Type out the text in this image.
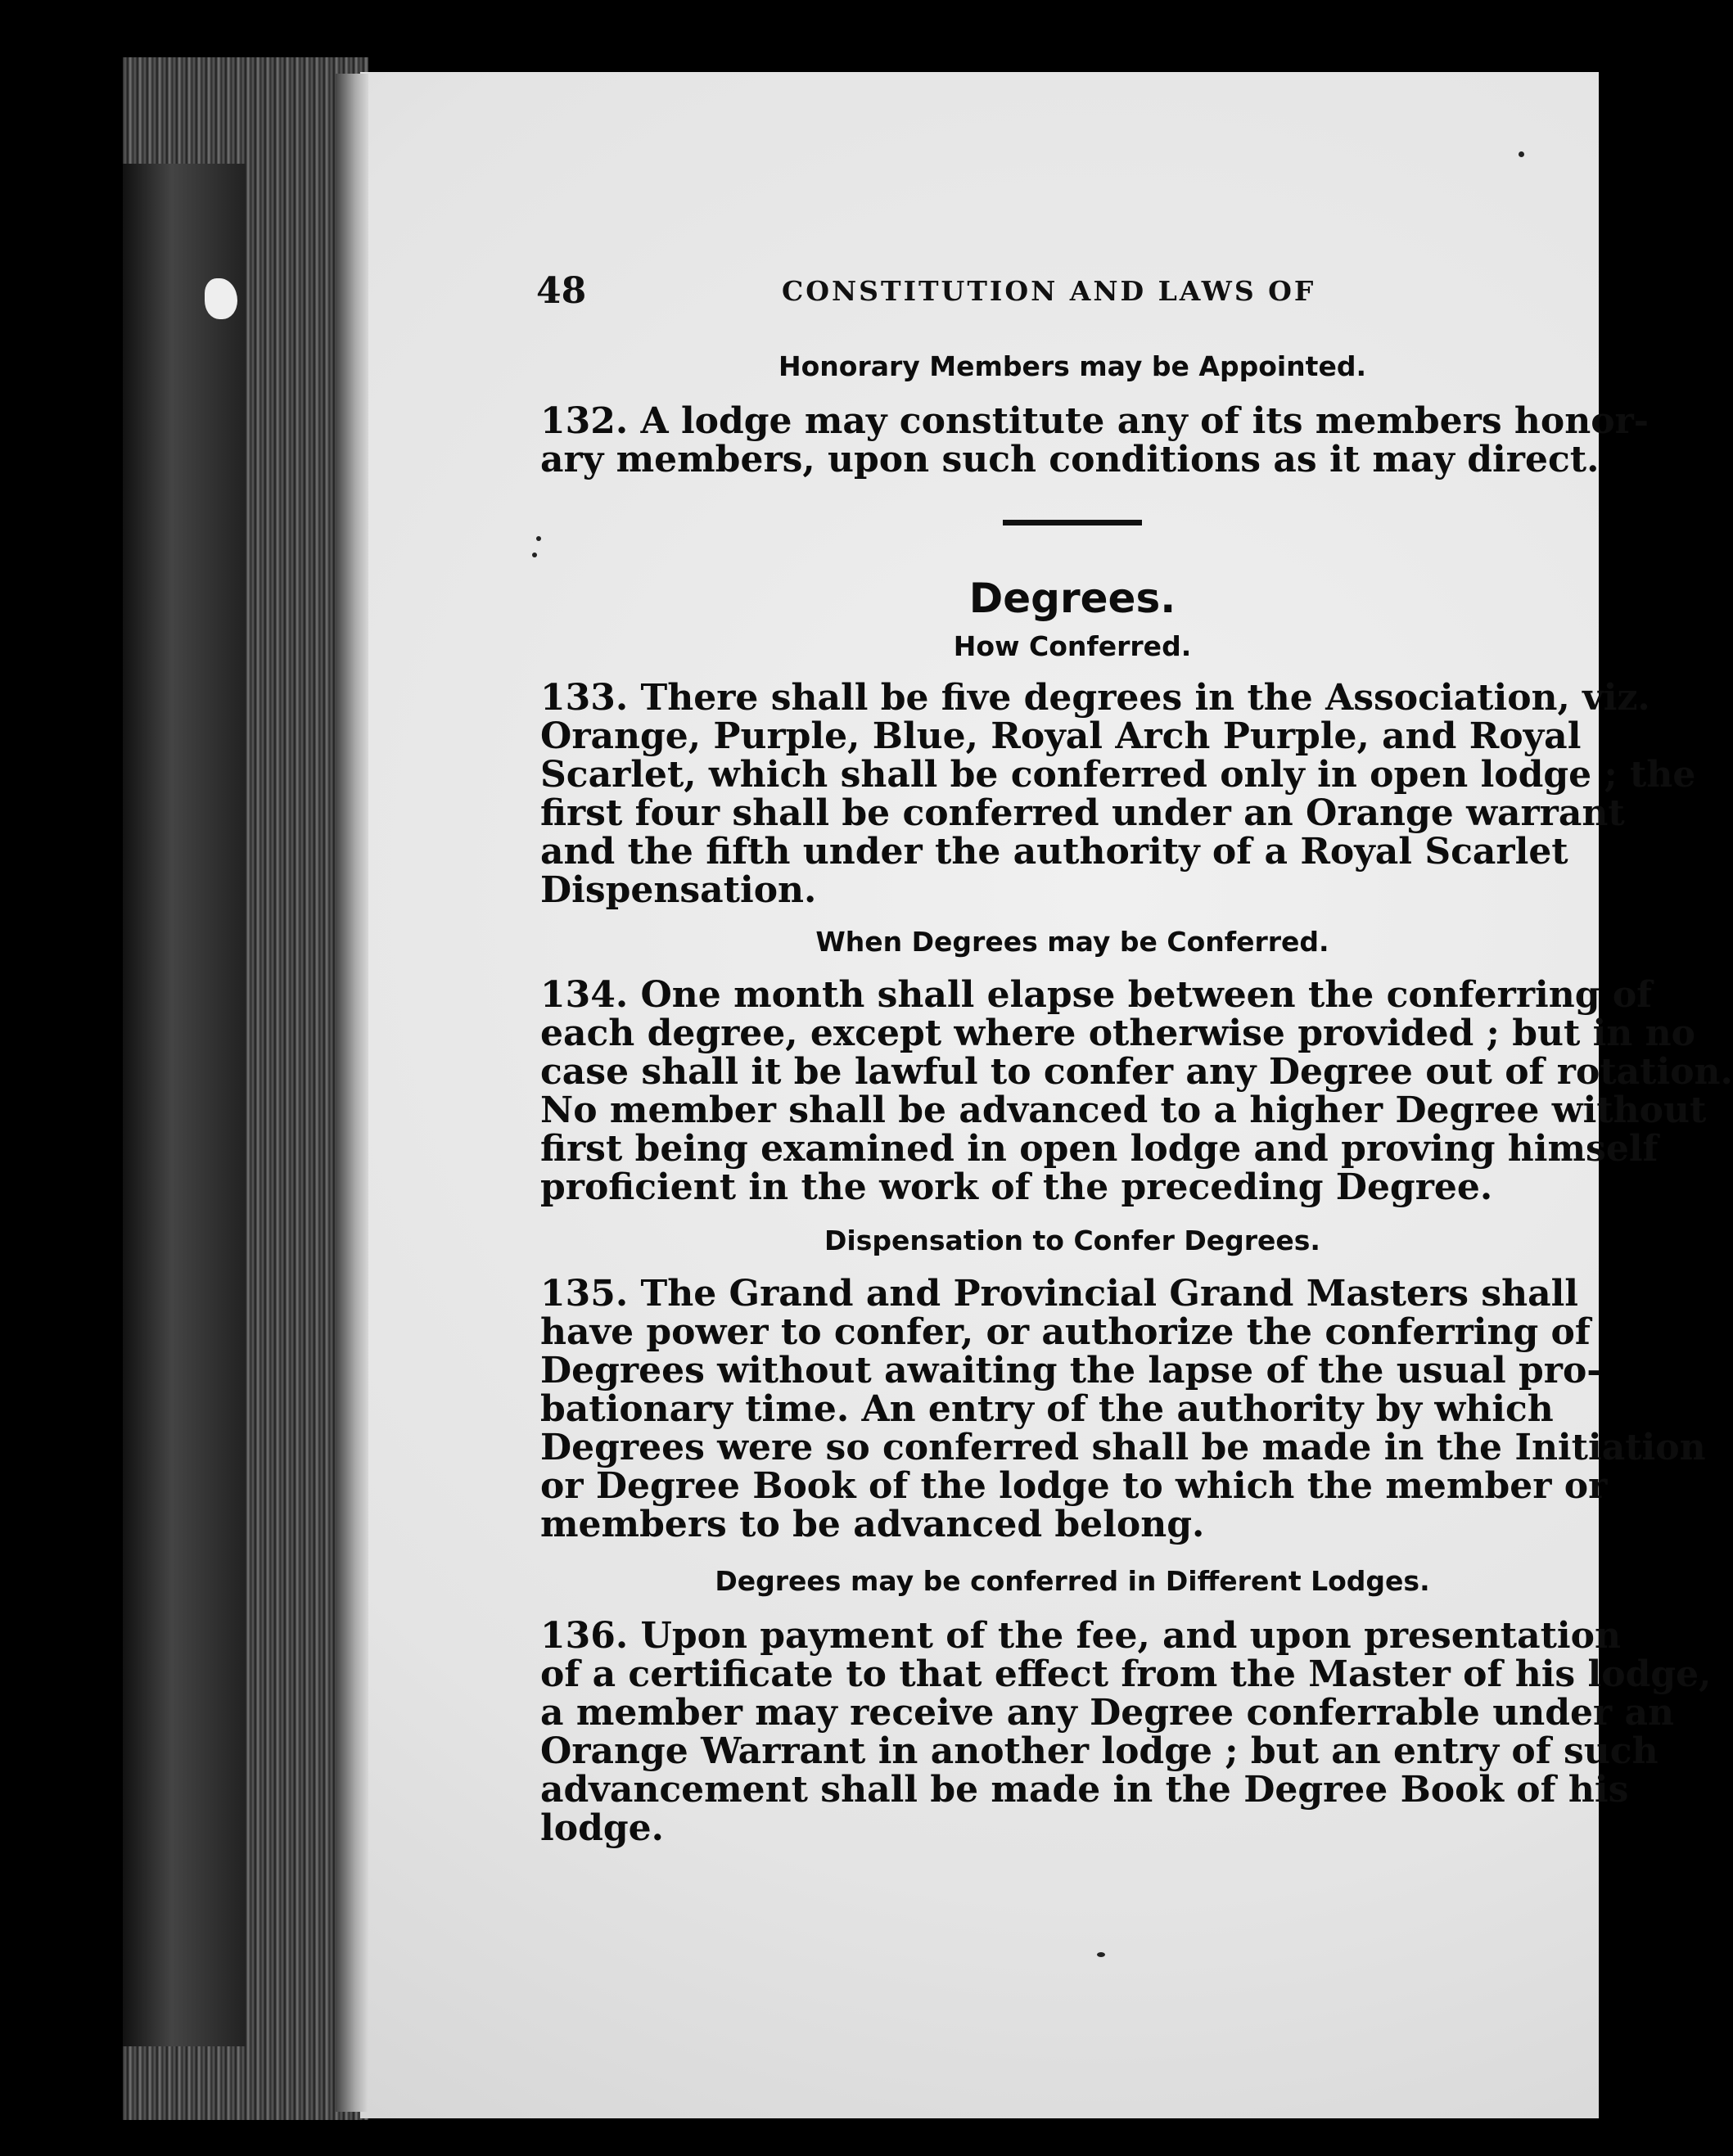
48	CONSTITUTION AND LAWS OF

Honorary Members may be Appointed.

132. A lodge may constitute any of its members honor-
ary members, upon such conditions as it may direct.

Degrees.

How Conferred.

133. There shall be five degrees in the Association, viz.
Orange, Purple, Blue, Royal Arch Purple, and Royal
Scarlet, which shall be conferred only in open lodge ; the
first four shall be conferred under an Orange warrant
and the fifth under the authority of a Royal Scarlet
Dispensation.

When Degrees may be Conferred.

134. One month shall elapse between the conferring of
each degree, except where otherwise provided ; but in no
case shall it be lawful to confer any Degree out of rotation.
No member shall be advanced to a higher Degree without
first being examined in open lodge and proving himself
proficient in the work of the preceding Degree.

Dispensation to Confer Degrees.

135. The Grand and Provincial Grand Masters shall
have power to confer, or authorize the conferring of
Degrees without awaiting the lapse of the usual pro-
bationary time. An entry of the authority by which
Degrees were so conferred shall be made in the Initiation
or Degree Book of the lodge to which the member or
members to be advanced belong.

Degrees may be conferred in Different Lodges.

136. Upon payment of the fee, and upon presentation
of a certificate to that effect from the Master of his lodge,
a member may receive any Degree conferrable under an
Orange Warrant in another lodge ; but an entry of such
advancement shall be made in the Degree Book of his
lodge.
